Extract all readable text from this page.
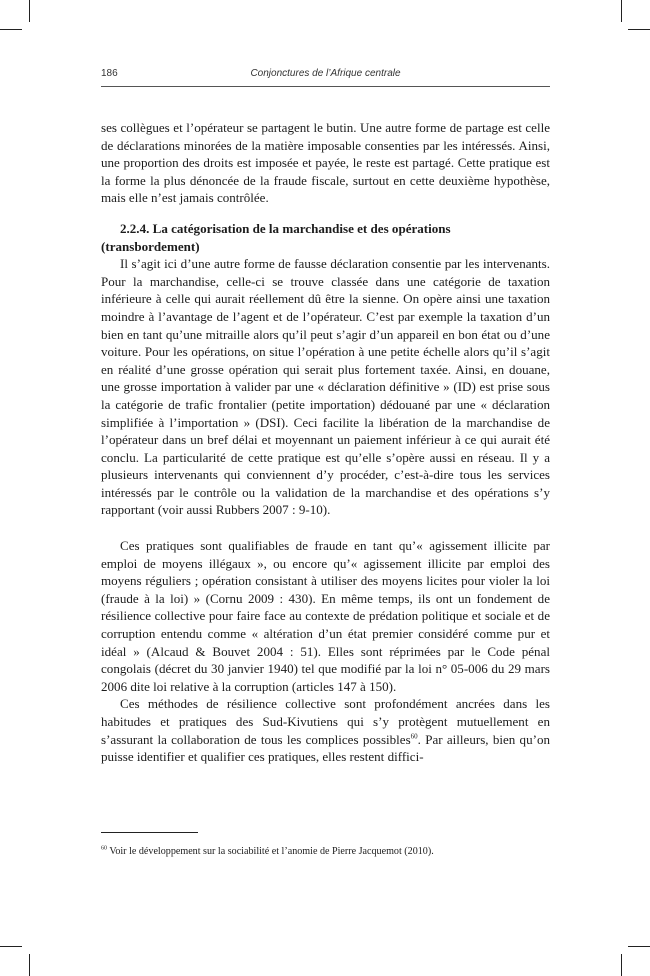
186	Conjonctures de l’Afrique centrale

ses collègues et l’opérateur se partagent le butin. Une autre forme de partage est celle de déclarations minorées de la matière imposable consenties par les intéressés. Ainsi, une proportion des droits est imposée et payée, le reste est partagé. Cette pratique est la forme la plus dénoncée de la fraude fiscale, surtout en cette deuxième hypothèse, mais elle n’est jamais contrôlée.

2.2.4. La catégorisation de la marchandise et des opérations (transbordement)

Il s’agit ici d’une autre forme de fausse déclaration consentie par les intervenants. Pour la marchandise, celle-ci se trouve classée dans une catégorie de taxation inférieure à celle qui aurait réellement dû être la sienne. On opère ainsi une taxation moindre à l’avantage de l’agent et de l’opérateur. C’est par exemple la taxation d’un bien en tant qu’une mitraille alors qu’il peut s’agir d’un appareil en bon état ou d’une voiture. Pour les opérations, on situe l’opération à une petite échelle alors qu’il s’agit en réalité d’une grosse opération qui serait plus fortement taxée. Ainsi, en douane, une grosse importation à valider par une « déclaration définitive » (ID) est prise sous la catégorie de trafic frontalier (petite importation) dédouané par une « déclaration simplifiée à l’importation » (DSI). Ceci facilite la libération de la marchandise de l’opérateur dans un bref délai et moyennant un paiement inférieur à ce qui aurait été conclu. La particularité de cette pratique est qu’elle s’opère aussi en réseau. Il y a plusieurs intervenants qui conviennent d’y procéder, c’est-à-dire tous les services intéressés par le contrôle ou la validation de la marchandise et des opérations s’y rapportant (voir aussi Rubbers 2007 : 9-10).

Ces pratiques sont qualifiables de fraude en tant qu’« agissement illicite par emploi de moyens illégaux », ou encore qu’« agissement illicite par emploi des moyens réguliers ; opération consistant à utiliser des moyens licites pour violer la loi (fraude à la loi) » (Cornu 2009 : 430). En même temps, ils ont un fondement de résilience collective pour faire face au contexte de prédation politique et sociale et de corruption entendu comme « altération d’un état premier considéré comme pur et idéal » (Alcaud & Bouvet 2004 : 51). Elles sont réprimées par le Code pénal congolais (décret du 30 janvier 1940) tel que modifié par la loi n° 05-006 du 29 mars 2006 dite loi relative à la corruption (articles 147 à 150).

Ces méthodes de résilience collective sont profondément ancrées dans les habitudes et pratiques des Sud-Kivutiens qui s’y protègent mutuellement en s’assurant la collaboration de tous les complices possibles$^{60}$. Par ailleurs, bien qu’on puisse identifier et qualifier ces pratiques, elles restent diffici-

$^{60}$ Voir le développement sur la sociabilité et l’anomie de Pierre Jacquemot (2010).
